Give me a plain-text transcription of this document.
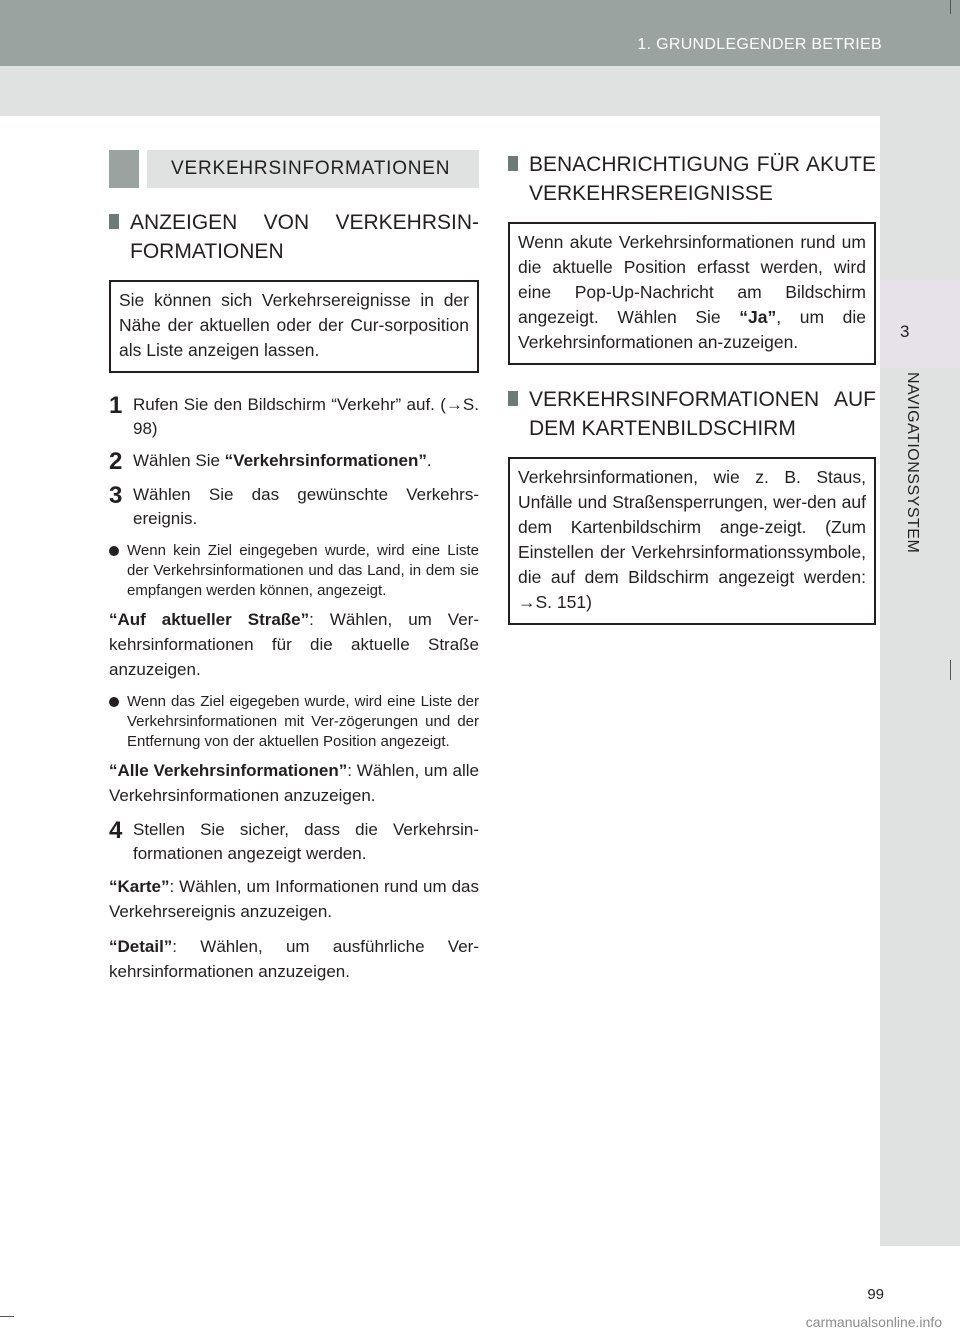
1. GRUNDLEGENDER BETRIEB
3
NAVIGATIONSSYSTEM
VERKEHRSINFORMATIONEN
ANZEIGEN VON VERKEHRSIN-FORMATIONEN
Sie können sich Verkehrsereignisse in der Nähe der aktuellen oder der Cur-sorposition als Liste anzeigen lassen.
1 Rufen Sie den Bildschirm “Verkehr” auf. (→S. 98)
2 Wählen Sie “Verkehrsinformationen”.
3 Wählen Sie das gewünschte Verkehrs-ereignis.
Wenn kein Ziel eingegeben wurde, wird eine Liste der Verkehrsinformationen und das Land, in dem sie empfangen werden können, angezeigt.
“Auf aktueller Straße”: Wählen, um Ver-kehrsinformationen für die aktuelle Straße anzuzeigen.
Wenn das Ziel eigegeben wurde, wird eine Liste der Verkehrsinformationen mit Ver-zögerungen und der Entfernung von der aktuellen Position angezeigt.
“Alle Verkehrsinformationen”: Wählen, um alle Verkehrsinformationen anzuzeigen.
4 Stellen Sie sicher, dass die Verkehrsin-formationen angezeigt werden.
“Karte”: Wählen, um Informationen rund um das Verkehrsereignis anzuzeigen.
“Detail”: Wählen, um ausführliche Ver-kehrsinformationen anzuzeigen.
BENACHRICHTIGUNG FÜR AKUTE VERKEHRSEREIGNISSE
Wenn akute Verkehrsinformationen rund um die aktuelle Position erfasst werden, wird eine Pop-Up-Nachricht am Bildschirm angezeigt. Wählen Sie “Ja”, um die Verkehrsinformationen an-zuzeigen.
VERKEHRSINFORMATIONEN AUF DEM KARTENBILDSCHIRM
Verkehrsinformationen, wie z. B. Staus, Unfälle und Straßensperrungen, wer-den auf dem Kartenbildschirm ange-zeigt. (Zum Einstellen der Verkehrsinformationssymbole, die auf dem Bildschirm angezeigt werden: →S. 151)
99
carmanualsonline.info
